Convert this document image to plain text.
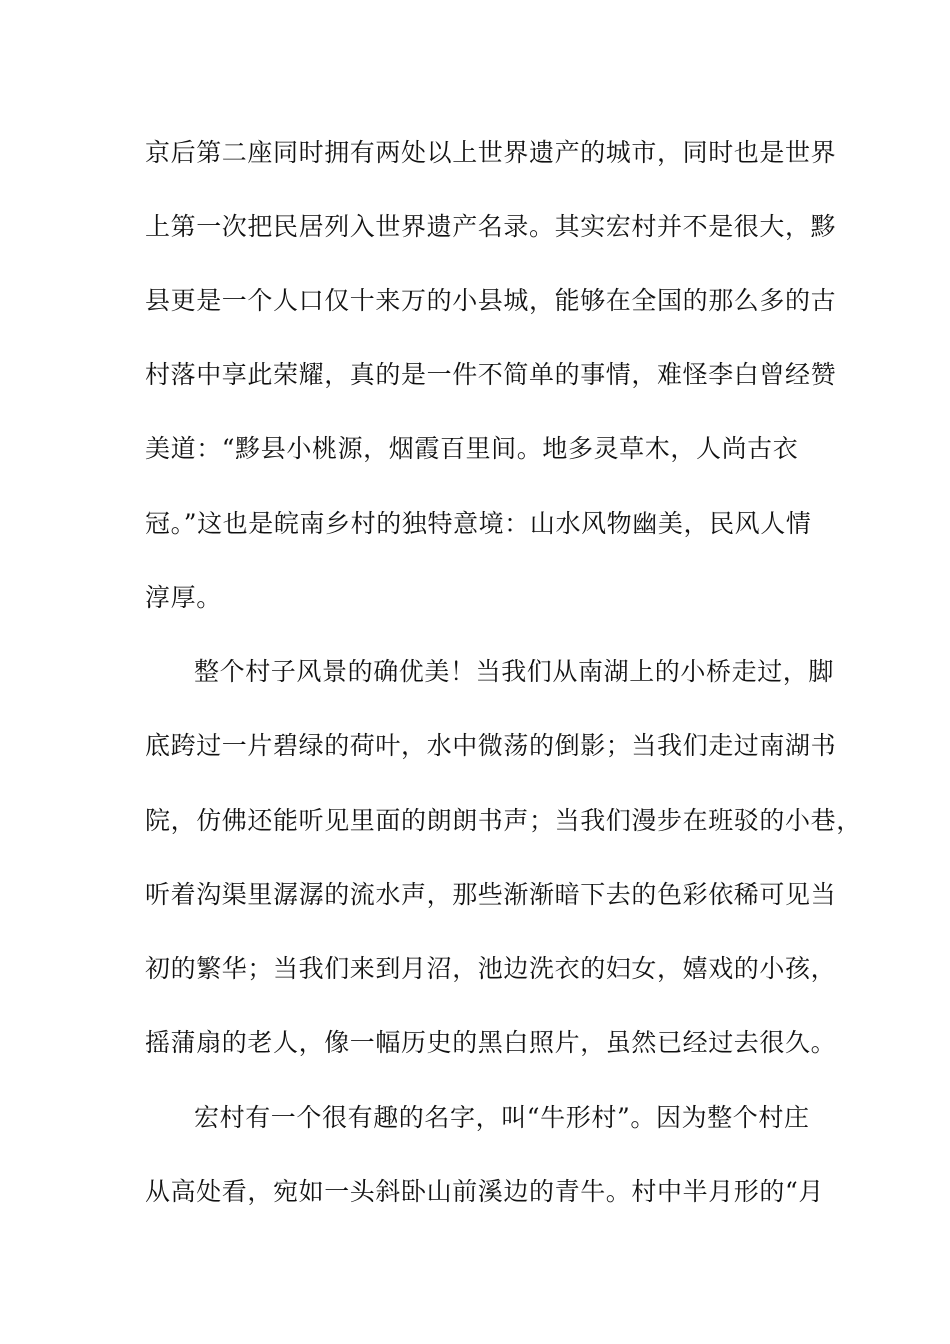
京后第二座同时拥有两处以上世界遗产的城市，同时也是世界
上第一次把民居列入世界遗产名录。其实宏村并不是很大，黟
县更是一个人口仅十来万的小县城，能够在全国的那么多的古
村落中享此荣耀，真的是一件不简单的事情，难怪李白曾经赞
美道：“黟县小桃源，烟霞百里间。地多灵草木，人尚古衣
冠。”这也是皖南乡村的独特意境：山水风物幽美，民风人情
淳厚。
整个村子风景的确优美！当我们从南湖上的小桥走过，脚
底跨过一片碧绿的荷叶，水中微荡的倒影；当我们走过南湖书
院，仿佛还能听见里面的朗朗书声；当我们漫步在班驳的小巷，
听着沟渠里潺潺的流水声，那些渐渐暗下去的色彩依稀可见当
初的繁华；当我们来到月沼，池边洗衣的妇女，嬉戏的小孩，
摇蒲扇的老人，像一幅历史的黑白照片，虽然已经过去很久。
宏村有一个很有趣的名字，叫“牛形村”。因为整个村庄
从高处看，宛如一头斜卧山前溪边的青牛。村中半月形的“月
